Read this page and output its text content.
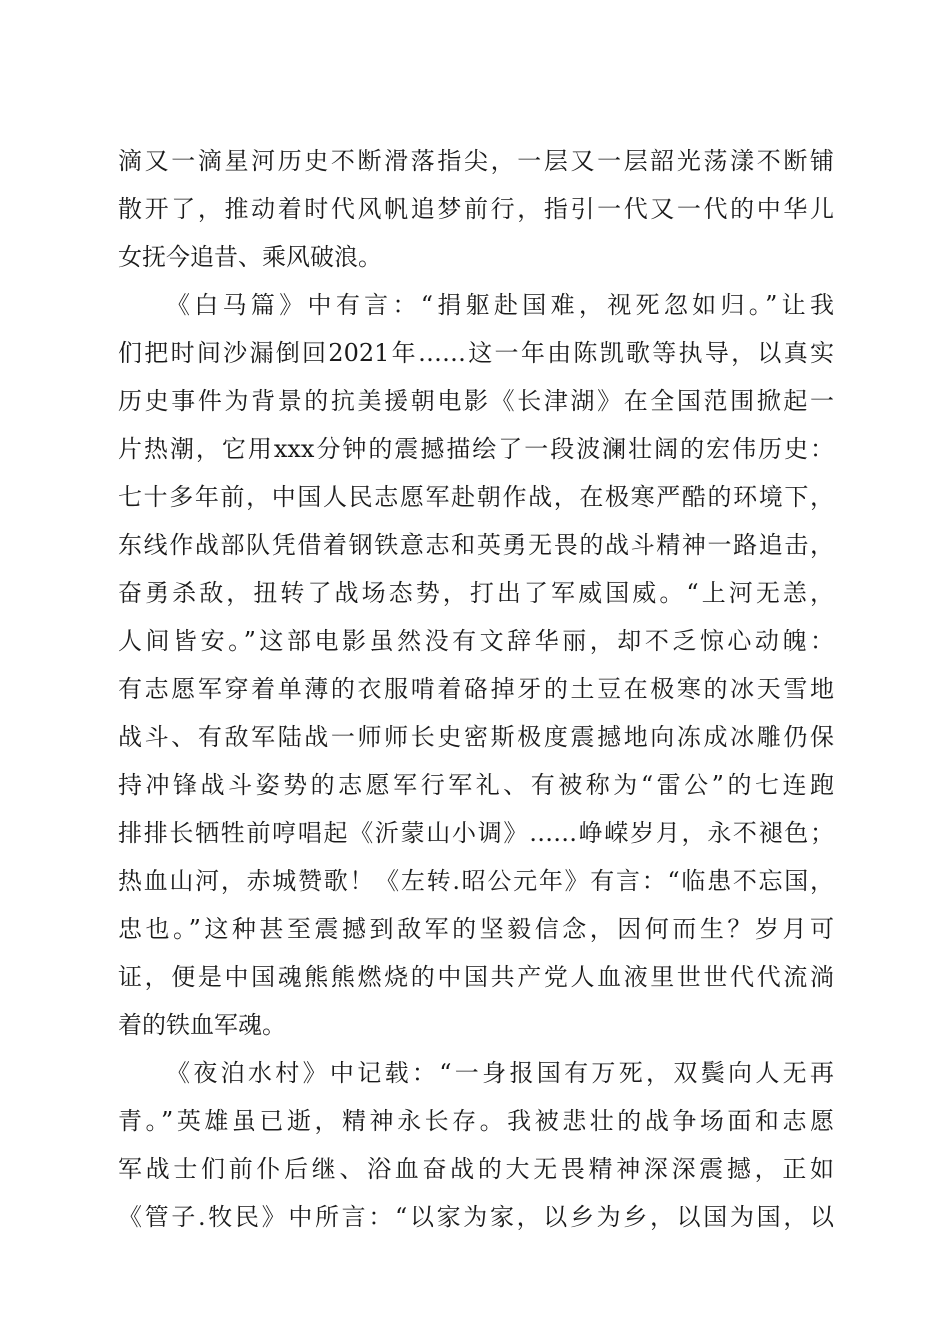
滴又一滴星河历史不断滑落指尖，一层又一层韶光荡漾不断铺
散开了，推动着时代风帆追梦前行，指引一代又一代的中华儿
女抚今追昔、乘风破浪。
《白马篇》中有言：“捐躯赴国难，视死忽如归。”让我
们把时间沙漏倒回2021年……这一年由陈凯歌等执导，以真实
历史事件为背景的抗美援朝电影《长津湖》在全国范围掀起一
片热潮，它用xxx分钟的震撼描绘了一段波澜壮阔的宏伟历史：
七十多年前，中国人民志愿军赴朝作战，在极寒严酷的环境下，
东线作战部队凭借着钢铁意志和英勇无畏的战斗精神一路追击，
奋勇杀敌，扭转了战场态势，打出了军威国威。“上河无恙，
人间皆安。”这部电影虽然没有文辞华丽，却不乏惊心动魄：
有志愿军穿着单薄的衣服啃着硌掉牙的土豆在极寒的冰天雪地
战斗、有敌军陆战一师师长史密斯极度震撼地向冻成冰雕仍保
持冲锋战斗姿势的志愿军行军礼、有被称为“雷公”的七连跑
排排长牺牲前哼唱起《沂蒙山小调》……峥嵘岁月，永不褪色；
热血山河，赤城赞歌！《左转.昭公元年》有言：“临患不忘国，
忠也。”这种甚至震撼到敌军的坚毅信念，因何而生？岁月可
证，便是中国魂熊熊燃烧的中国共产党人血液里世世代代流淌
着的铁血军魂。
《夜泊水村》中记载：“一身报国有万死，双鬓向人无再
青。”英雄虽已逝，精神永长存。我被悲壮的战争场面和志愿
军战士们前仆后继、浴血奋战的大无畏精神深深震撼，正如
《管子.牧民》中所言：“以家为家，以乡为乡，以国为国，以
